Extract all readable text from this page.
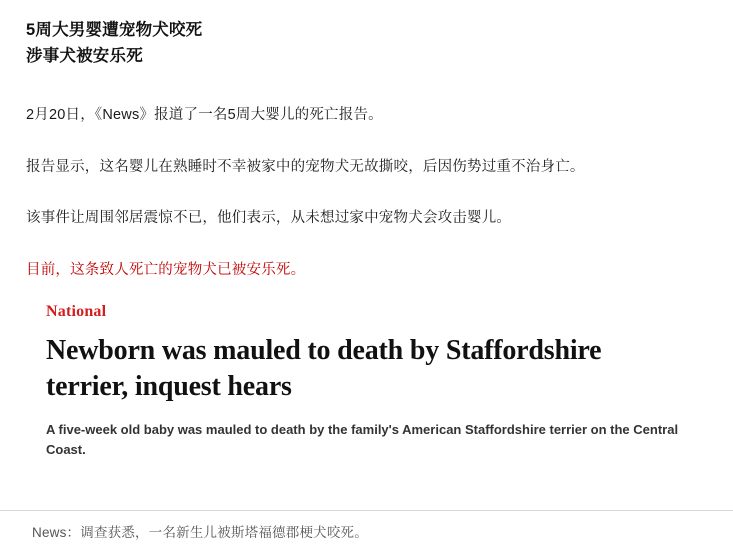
5周大男婴遭宠物犬咬死
涉事犬被安乐死

2月20日，《News》报道了一名5周大婴儿的死亡报告。

报告显示，这名婴儿在熟睡时不幸被家中的宠物犬无故撕咬，后因伤势过重不治身亡。

该事件让周围邻居震惊不已，他们表示，从未想过家中宠物犬会攻击婴儿。

目前，这条致人死亡的宠物犬已被安乐死。

National
Newborn was mauled to death by Staffordshire terrier, inquest hears
A five-week old baby was mauled to death by the family's American Staffordshire terrier on the Central Coast.
News：调查获悉，一名新生儿被斯塔福德郡梗犬咬死。
